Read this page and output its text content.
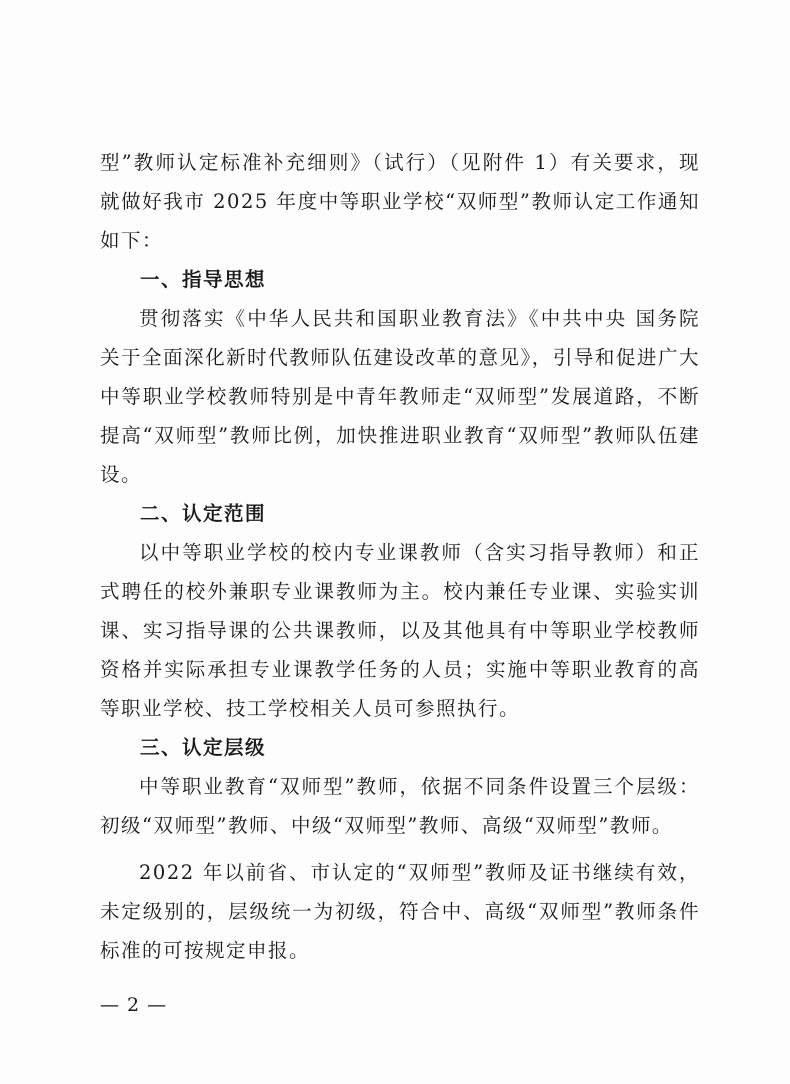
型”教师认定标准补充细则》（试行）（见附件 1）有关要求，现就做好我市 2025 年度中等职业学校“双师型”教师认定工作通知如下：

一、指导思想

贯彻落实《中华人民共和国职业教育法》《中共中央 国务院关于全面深化新时代教师队伍建设改革的意见》，引导和促进广大中等职业学校教师特别是中青年教师走“双师型”发展道路，不断提高“双师型”教师比例，加快推进职业教育“双师型”教师队伍建设。

二、认定范围

以中等职业学校的校内专业课教师（含实习指导教师）和正式聘任的校外兼职专业课教师为主。校内兼任专业课、实验实训课、实习指导课的公共课教师，以及其他具有中等职业学校教师资格并实际承担专业课教学任务的人员；实施中等职业教育的高等职业学校、技工学校相关人员可参照执行。

三、认定层级

中等职业教育“双师型”教师，依据不同条件设置三个层级：初级“双师型”教师、中级“双师型”教师、高级“双师型”教师。

2022 年以前省、市认定的“双师型”教师及证书继续有效，未定级别的，层级统一为初级，符合中、高级“双师型”教师条件标准的可按规定申报。

— 2 —
